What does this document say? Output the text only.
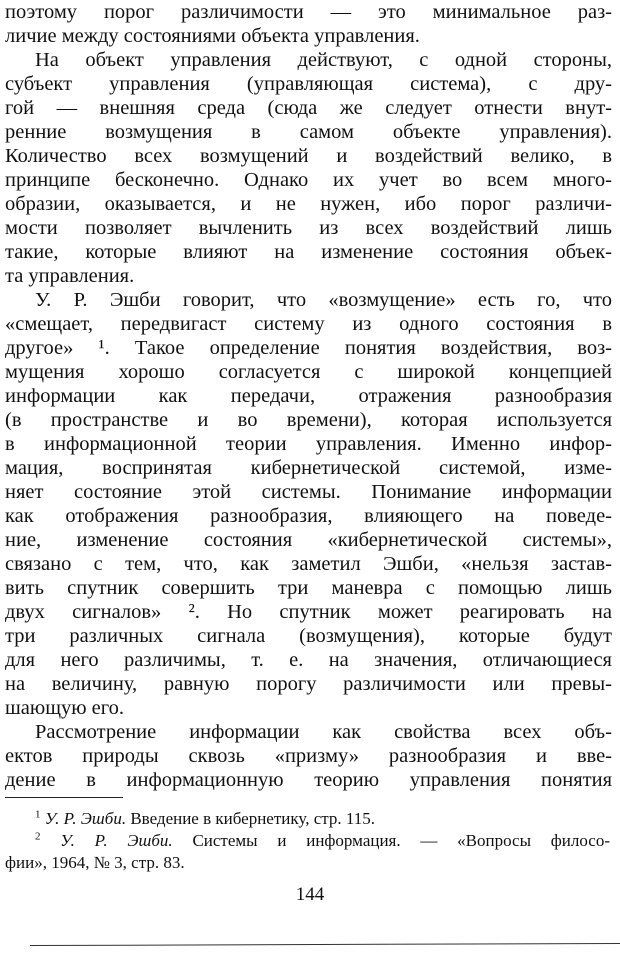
поэтому порог различимости — это минимальное раз-
личие между состояниями объекта управления.
На объект управления действуют, с одной стороны,
субъект управления (управляющая система), с дру-
гой — внешняя среда (сюда же следует отнести внут-
ренние возмущения в самом объекте управления).
Количество всех возмущений и воздействий велико, в
принципе бесконечно. Однако их учет во всем много-
образии, оказывается, и не нужен, ибо порог различи-
мости позволяет вычленить из всех воздействий лишь
такие, которые влияют на изменение состояния объек-
та управления.
У. Р. Эшби говорит, что «возмущение» есть го, что
«смещает, передвигаст систему из одного состояния в
другое» ¹. Такое определение понятия воздействия, воз-
мущения хорошо согласуется с широкой концепцией
информации как передачи, отражения разнообразия
(в пространстве и во времени), которая используется
в информационной теории управления. Именно инфор-
мация, воспринятая кибернетической системой, изме-
няет состояние этой системы. Понимание информации
как отображения разнообразия, влияющего на поведе-
ние, изменение состояния «кибернетической системы»,
связано с тем, что, как заметил Эшби, «нельзя застав-
вить спутник совершить три маневра с помощью лишь
двух сигналов» ². Но спутник может реагировать на
три различных сигнала (возмущения), которые будут
для него различимы, т. е. на значения, отличающиеся
на величину, равную порогу различимости или превы-
шающую его.
Рассмотрение информации как свойства всех объ-
ектов природы сквозь «призму» разнообразия и вве-
дение в информационную теорию управления понятия
$^1$ У. Р. Эшби. Введение в кибернетику, стр. 115.
$^2$ У. Р. Эшби. Системы и информация. — «Вопросы филосо-
фии», 1964, № 3, стр. 83.
144
